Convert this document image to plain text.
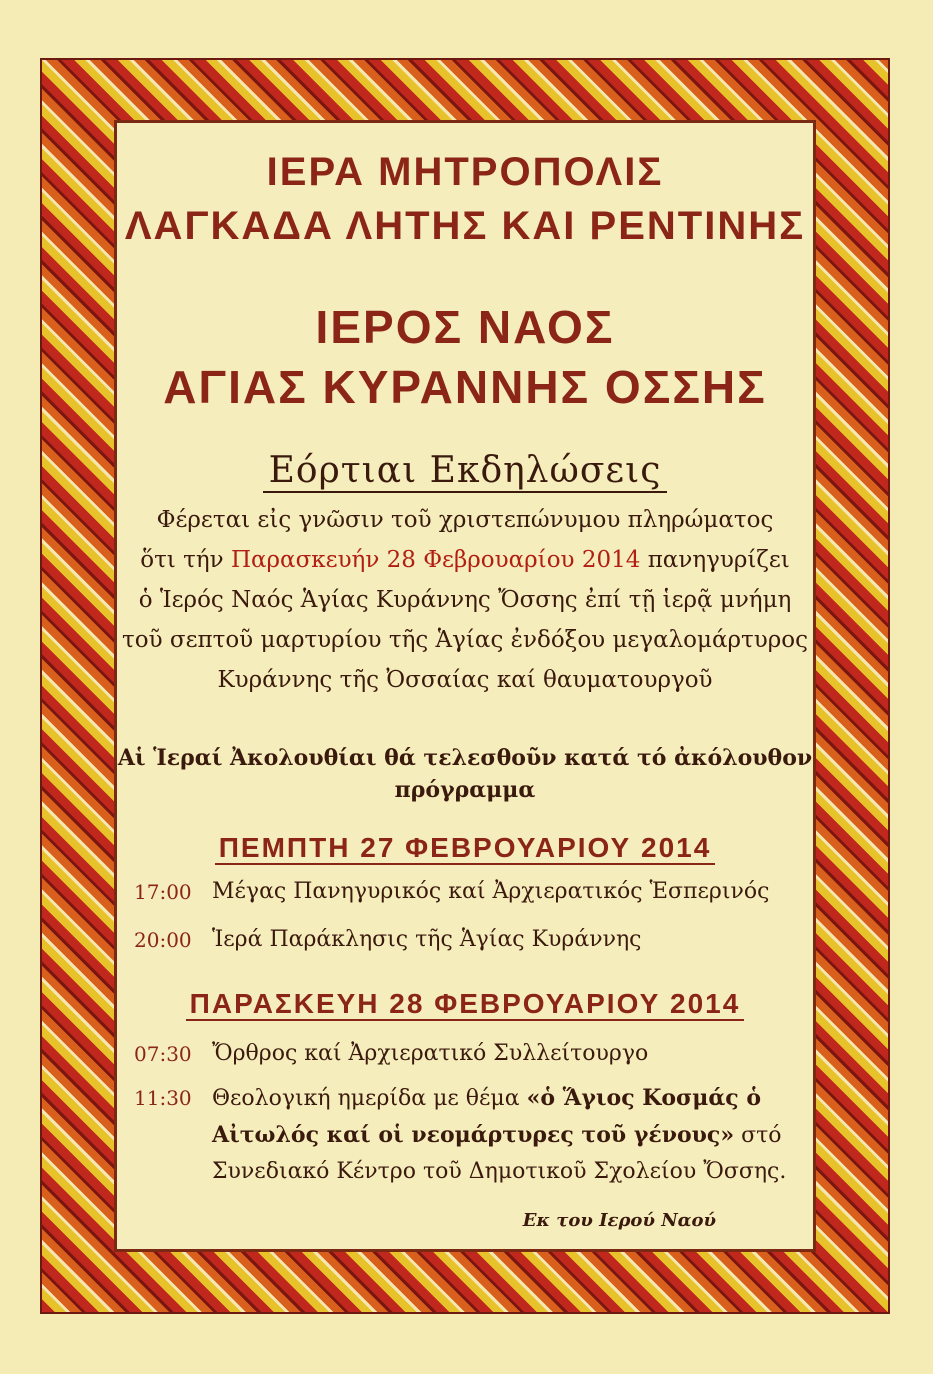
ΙΕΡΑ ΜΗΤΡΟΠΟΛΙΣ
ΛΑΓΚΑΔΑ ΛΗΤΗΣ ΚΑΙ ΡΕΝΤΙΝΗΣ
ΙΕΡΟΣ ΝΑΟΣ
ΑΓΙΑΣ ΚΥΡΑΝΝΗΣ ΟΣΣΗΣ
Εόρτιαι Εκδηλώσεις
Φέρεται εἰς γνῶσιν τοῦ χριστεπώνυμου πληρώματος
ὅτι τήν Παρασκευήν 28 Φεβρουαρίου 2014 πανηγυρίζει
ὁ Ἱερός Ναός Ἁγίας Κυράννης Ὄσσης ἐπί τῇ ἱερᾷ μνήμη
τοῦ σεπτοῦ μαρτυρίου τῆς Ἁγίας ἐνδόξου μεγαλομάρτυρος
Κυράννης τῆς Ὀσσαίας καί θαυματουργοῦ
Αἱ Ἱεραί Ἀκολουθίαι θά τελεσθοῦν κατά τό ἀκόλουθον
πρόγραμμα
ΠΕΜΠΤΗ 27 ΦΕΒΡΟΥΑΡΙΟΥ 2014
17:00 Μέγας Πανηγυρικός καί Ἀρχιερατικός Ἑσπερινός
20:00 Ἱερά Παράκλησις τῆς Ἁγίας Κυράννης
ΠΑΡΑΣΚΕΥΗ 28 ΦΕΒΡΟΥΑΡΙΟΥ 2014
07:30 Ὄρθρος καί Ἀρχιερατικό Συλλείτουργο
11:30 Θεολογική ημερίδα με θέμα «ὁ Ἅγιος Κοσμάς ὁ Αἰτωλός καί οἱ νεομάρτυρες τοῦ γένους» στό Συνεδιακό Κέντρο τοῦ Δημοτικοῦ Σχολείου Ὄσσης.
Εκ του Ιερού Ναού
